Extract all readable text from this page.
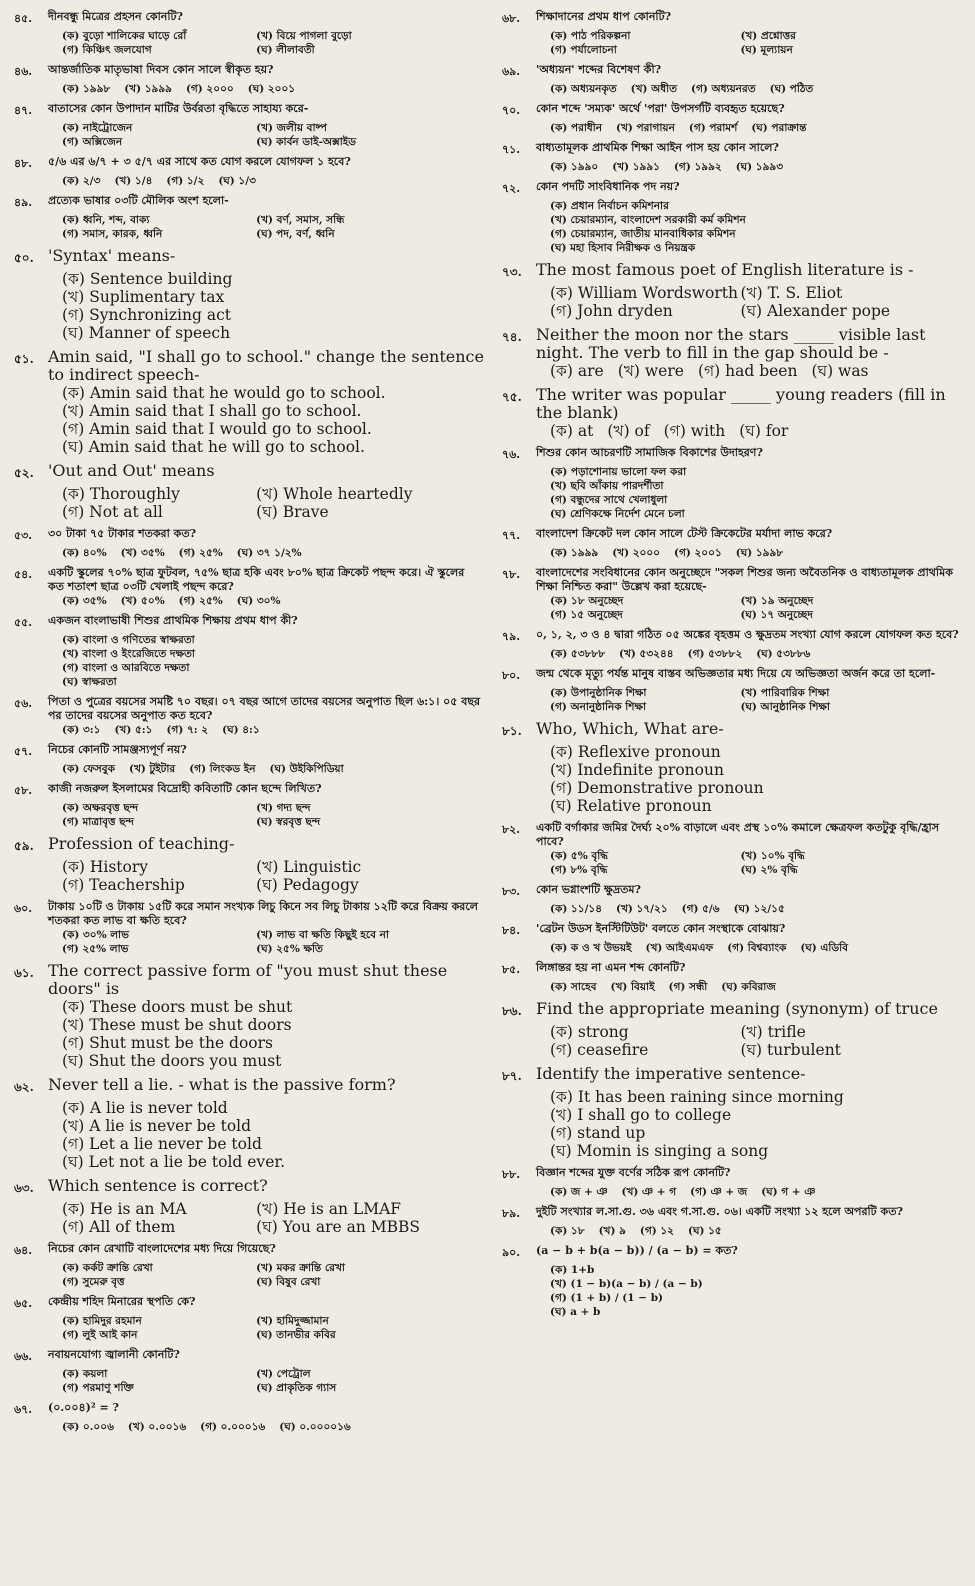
৪৫.	দীনবন্ধু মিত্রের প্রহসন কোনটি?
(ক) বুড়ো শালিকের ঘাড়ে রোঁ	(খ) বিয়ে পাগলা বুড়ো
(গ) কিঞ্চিৎ জলযোগ	(ঘ) লীলাবতী
৪৬.	আন্তর্জাতিক মাতৃভাষা দিবস কোন সালে স্বীকৃত হয়?
(ক) ১৯৯৮ (খ) ১৯৯৯ (গ) ২০০০ (ঘ) ২০০১
৪৭.	বাতাসের কোন উপাদান মাটির উর্বরতা বৃদ্ধিতে সাহায্য করে-
(ক) নাইট্রোজেন	(খ) জলীয় বাষ্প
(গ) অক্সিজেন	(ঘ) কার্বন ডাই-অক্সাইড
৪৮.	৫/৬ এর ৬/৭ + ৩ ৫/৭ এর সাথে কত যোগ করলে যোগফল ১ হবে?
(ক) ২/৩ (খ) ১/৪ (গ) ১/২ (ঘ) ১/৩
৪৯.	প্রত্যেক ভাষার ০৩টি মৌলিক অংশ হলো-
(ক) ধ্বনি, শব্দ, বাক্য	(খ) বর্ণ, সমাস, সন্ধি
(গ) সমাস, কারক, ধ্বনি	(ঘ) পদ, বর্ণ, ধ্বনি
৫০. 'Syntax' means-
(ক) Sentence building
(খ) Suplimentary tax
(গ) Synchronizing act
(ঘ) Manner of speech
৫১. Amin said, "I shall go to school." change the sentence to indirect speech-
(ক) Amin said that he would go to school.
(খ) Amin said that I shall go to school.
(গ) Amin said that I would go to school.
(ঘ) Amin said that he will go to school.
৫২. 'Out and Out' means
(ক) Thoroughly	(খ) Whole heartedly
(গ) Not at all	(ঘ) Brave
৫৩.	৩০ টাকা ৭৫ টাকার শতকরা কত?
(ক) ৪০% (খ) ৩৫% (গ) ২৫% (ঘ) ৩৭ ১/২%
৫৪.	একটি স্কুলের ৭০% ছাত্র ফুটবল, ৭৫% ছাত্র হকি এবং ৮০% ছাত্র ক্রিকেট পছন্দ করে। ঐ স্কুলের কত শতাংশ ছাত্র ০৩টি খেলাই পছন্দ করে?
(ক) ৩৫% (খ) ৫০% (গ) ২৫% (ঘ) ৩০%
৫৫.	একজন বাংলাভাষী শিশুর প্রাথমিক শিক্ষায় প্রথম ধাপ কী?
(ক) বাংলা ও গণিতের স্বাক্ষরতা
(খ) বাংলা ও ইংরেজিতে দক্ষতা
(গ) বাংলা ও আরবিতে দক্ষতা
(ঘ) স্বাক্ষরতা
৫৬.	পিতা ও পুত্রের বয়সের সমষ্টি ৭০ বছর। ০৭ বছর আগে তাদের বয়সের অনুপাত ছিল ৬:১। ০৫ বছর পর তাদের বয়সের অনুপাত কত হবে?
(ক) ৩:১ (খ) ৫:১ (গ) ৭: ২ (ঘ) ৪:১
৫৭.	নিচের কোনটি সামঞ্জস্যপূর্ণ নয়?
(ক) ফেসবুক (খ) টুইটার (গ) লিংকড ইন (ঘ) উইকিপিডিয়া
৫৮.	কাজী নজরুল ইসলামের বিদ্রোহী কবিতাটি কোন ছন্দে লিখিত?
(ক) অক্ষরবৃত্ত ছন্দ	(খ) গদ্য ছন্দ
(গ) মাত্রাবৃত্ত ছন্দ	(ঘ) স্বরবৃত্ত ছন্দ
৫৯. Profession of teaching-
(ক) History	(খ) Linguistic
(গ) Teachership	(ঘ) Pedagogy
৬০.	টাকায় ১০টি ও টাকায় ১৫টি করে সমান সংখ্যক লিচু কিনে সব লিচু টাকায় ১২টি করে বিক্রয় করলে শতকরা কত লাভ বা ক্ষতি হবে?
(ক) ৩০% লাভ	(খ) লাভ বা ক্ষতি কিছুই হবে না
(গ) ২৫% লাভ	(ঘ) ২৫% ক্ষতি
৬১. The correct passive form of "you must shut these doors" is
(ক) These doors must be shut
(খ) These must be shut doors
(গ) Shut must be the doors
(ঘ) Shut the doors you must
৬২. Never tell a lie. - what is the passive form?
(ক) A lie is never told
(খ) A lie is never be told
(গ) Let a lie never be told
(ঘ) Let not a lie be told ever.
৬৩. Which sentence is correct?
(ক) He is an MA	(খ) He is an LMAF
(গ) All of them	(ঘ) You are an MBBS
৬৪.	নিচের কোন রেখাটি বাংলাদেশের মধ্য দিয়ে গিয়েছে?
(ক) কর্কট ক্রান্তি রেখা	(খ) মকর ক্রান্তি রেখা
(গ) সুমেরু বৃত্ত	(ঘ) বিষুব রেখা
৬৫.	কেন্দ্রীয় শহিদ মিনারের স্থপতি কে?
(ক) হামিদুর রহমান	(খ) হামিদুজ্জামান
(গ) লুই আই কান	(ঘ) তানভীর কবির
৬৬.	নবায়নযোগ্য জ্বালানী কোনটি?
(ক) কয়লা	(খ) পেট্রোল
(গ) পরমাণু শক্তি	(ঘ) প্রাকৃতিক গ্যাস
৬৭.	(০.০০৪)² = ?
(ক) ০.০০৬ (খ) ০.০০১৬ (গ) ০.০০০১৬ (ঘ) ০.০০০০১৬
৬৮.	শিক্ষাদানের প্রথম ধাপ কোনটি?
(ক) পাঠ পরিকল্পনা	(খ) প্রশ্নোত্তর
(গ) পর্যালোচনা	(ঘ) মূল্যায়ন
৬৯.	'অধ্যয়ন' শব্দের বিশেষণ কী?
(ক) অধ্যয়নকৃত (খ) অধীত (গ) অধ্যয়নরত (ঘ) পঠিত
৭০.	কোন শব্দে 'সম্যক' অর্থে 'পরা' উপসর্গটি ব্যবহৃত হয়েছে?
(ক) পরাধীন (খ) পরাগায়ন (গ) পরামর্শ (ঘ) পরাক্রান্ত
৭১.	বাধ্যতামূলক প্রাথমিক শিক্ষা আইন পাস হয় কোন সালে?
(ক) ১৯৯০ (খ) ১৯৯১ (গ) ১৯৯২ (ঘ) ১৯৯৩
৭২.	কোন পদটি সাংবিধানিক পদ নয়?
(ক) প্রধান নির্বাচন কমিশনার
(খ) চেয়ারম্যান, বাংলাদেশ সরকারী কর্ম কমিশন
(গ) চেয়ারম্যান, জাতীয় মানবাধিকার কমিশন
(ঘ) মহা হিসাব নিরীক্ষক ও নিয়ন্ত্রক
৭৩. The most famous poet of English literature is -
(ক) William Wordsworth (খ) T. S. Eliot
(গ) John dryden	(ঘ) Alexander pope
৭৪. Neither the moon nor the stars _____ visible last night. The verb to fill in the gap should be -
(ক) are (খ) were (গ) had been (ঘ) was
৭৫. The writer was popular _____ young readers (fill in the blank)
(ক) at (খ) of (গ) with (ঘ) for
৭৬.	শিশুর কোন আচরণটি সামাজিক বিকাশের উদাহরণ?
(ক) পড়াশোনায় ভালো ফল করা
(খ) ছবি আঁকায় পারদর্শীতা
(গ) বন্ধুদের সাথে খেলাধুলা
(ঘ) শ্রেণিকক্ষে নির্দেশ মেনে চলা
৭৭.	বাংলাদেশ ক্রিকেট দল কোন সালে টেস্ট ক্রিকেটের মর্যাদা লাভ করে?
(ক) ১৯৯৯ (খ) ২০০০ (গ) ২০০১ (ঘ) ১৯৯৮
৭৮.	বাংলাদেশের সংবিধানের কোন অনুচ্ছেদে "সকল শিশুর জন্য অবৈতনিক ও বাধ্যতামূলক প্রাথমিক শিক্ষা নিশ্চিত করা" উল্লেখ করা হয়েছে-
(ক) ১৮ অনুচ্ছেদ	(খ) ১৯ অনুচ্ছেদ
(গ) ১৫ অনুচ্ছেদ	(ঘ) ১৭ অনুচ্ছেদ
৭৯.	০, ১, ২, ৩ ও ৪ দ্বারা গঠিত ০৫ অঙ্কের বৃহত্তম ও ক্ষুদ্রতম সংখ্যা যোগ করলে যোগফল কত হবে?
(ক) ৫৩৮৮৮ (খ) ৫৩২৪৪ (গ) ৫৩৮৮২ (ঘ) ৫৩৮৮৬
৮০.	জন্ম থেকে মৃত্যু পর্যন্ত মানুষ বাস্তব অভিজ্ঞতার মধ্য দিয়ে যে অভিজ্ঞতা অর্জন করে তা হলো-
(ক) উপানুষ্ঠানিক শিক্ষা	(খ) পারিবারিক শিক্ষা
(গ) অনানুষ্ঠানিক শিক্ষা	(ঘ) আনুষ্ঠানিক শিক্ষা
৮১. Who, Which, What are-
(ক) Reflexive pronoun
(খ) Indefinite pronoun
(গ) Demonstrative pronoun
(ঘ) Relative pronoun
৮২.	একটি বর্গাকার জমির দৈর্ঘ্য ২০% বাড়ালে এবং প্রস্থ ১০% কমালে ক্ষেত্রফল কতটুকু বৃদ্ধি/হ্রাস পাবে?
(ক) ৫% বৃদ্ধি	(খ) ১০% বৃদ্ধি
(গ) ৮% বৃদ্ধি	(ঘ) ২% বৃদ্ধি
৮৩.	কোন ভগ্নাংশটি ক্ষুদ্রতম?
(ক) ১১/১৪ (খ) ১৭/২১ (গ) ৫/৬ (ঘ) ১২/১৫
৮৪.	'ব্রেটন উডস ইনস্টিটিউট' বলতে কোন সংস্থাকে বোঝায়?
(ক) ক ও খ উভয়ই (খ) আইএমএফ (গ) বিশ্বব্যাংক (ঘ) এডিবি
৮৫.	লিঙ্গান্তর হয় না এমন শব্দ কোনটি?
(ক) সাহেব (খ) বিয়াই (গ) সন্ধী (ঘ) কবিরাজ
৮৬. Find the appropriate meaning (synonym) of truce
(ক) strong	(খ) trifle
(গ) ceasefire	(ঘ) turbulent
৮৭. Identify the imperative sentence-
(ক) It has been raining since morning
(খ) I shall go to college
(গ) stand up
(ঘ) Momin is singing a song
৮৮.	বিজ্ঞান শব্দের যুক্ত বর্ণের সঠিক রূপ কোনটি?
(ক) জ + ঞ (খ) ঞ + গ (গ) ঞ + জ (ঘ) গ + ঞ
৮৯.	দুইটি সংখ্যার ল.সা.গু. ৩৬ এবং গ.সা.গু. ০৬। একটি সংখ্যা ১২ হলে অপরটি কত?
(ক) ১৮ (খ) ৯ (গ) ১২ (ঘ) ১৫
৯০.	(a − b + b(a − b)) / (a − b) = কত?
(ক) 1+b
(খ) (1 − b)(a − b) / (a − b)
(গ) (1 + b) / (1 − b)
(ঘ) a + b
